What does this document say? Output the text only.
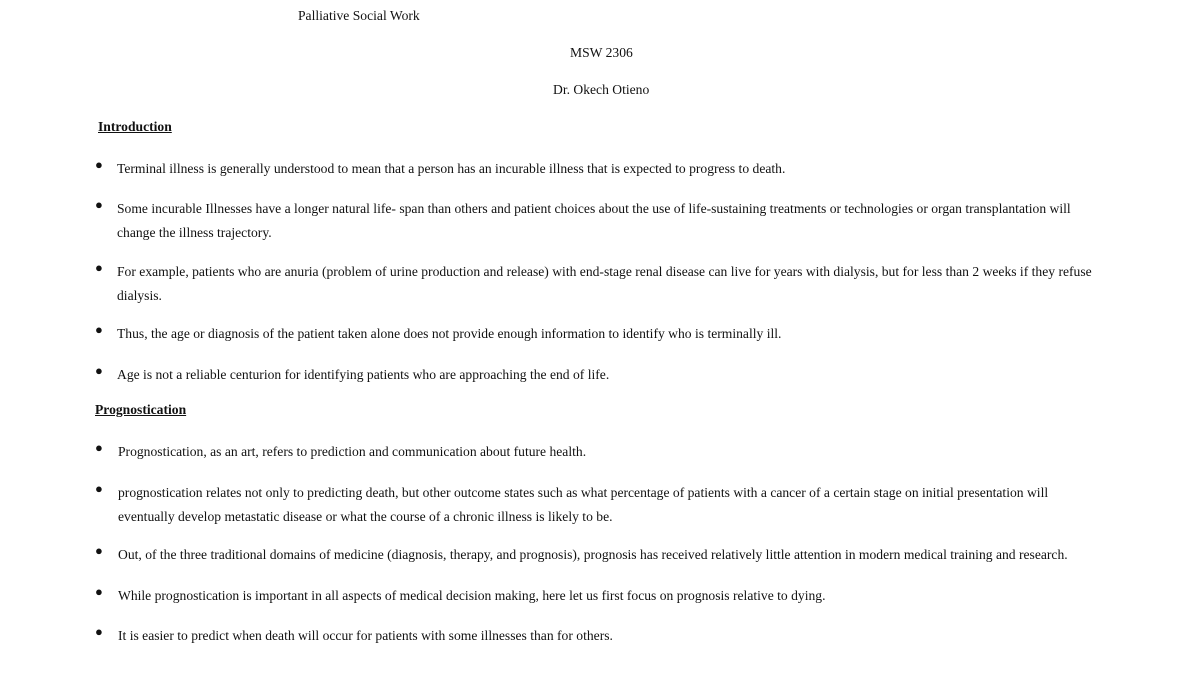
Palliative Social Work
MSW 2306
Dr. Okech Otieno
Introduction
● Terminal illness is generally understood to mean that a person has an incurable illness that is expected to progress to death.
● Some incurable Illnesses have a longer natural life- span than others and patient choices about the use of life-sustaining treatments or technologies or organ transplantation will change the illness trajectory.
● For example, patients who are anuria (problem of urine production and release) with end-stage renal disease can live for years with dialysis, but for less than 2 weeks if they refuse dialysis.
● Thus, the age or diagnosis of the patient taken alone does not provide enough information to identify who is terminally ill.
● Age is not a reliable centurion for identifying patients who are approaching the end of life.
Prognostication
● Prognostication, as an art, refers to prediction and communication about future health.
● prognostication relates not only to predicting death, but other outcome states such as what percentage of patients with a cancer of a certain stage on initial presentation will eventually develop metastatic disease or what the course of a chronic illness is likely to be.
● Out, of the three traditional domains of medicine (diagnosis, therapy, and prognosis), prognosis has received relatively little attention in modern medical training and research.
● While prognostication is important in all aspects of medical decision making, here let us first focus on prognosis relative to dying.
● It is easier to predict when death will occur for patients with some illnesses than for others.
